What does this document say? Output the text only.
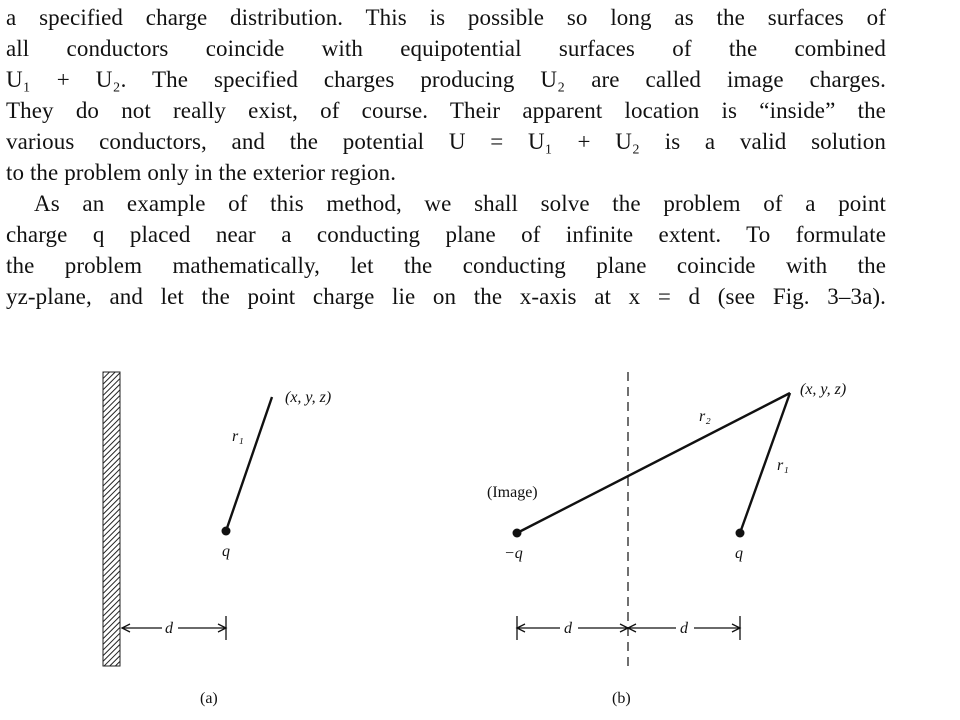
a specified charge distribution. This is possible so long as the surfaces of
all conductors coincide with equipotential surfaces of the combined
U₁ + U₂. The specified charges producing U₂ are called image charges.
They do not really exist, of course. Their apparent location is “inside” the
various conductors, and the potential U = U₁ + U₂ is a valid solution
to the problem only in the exterior region.
As an example of this method, we shall solve the problem of a point
charge q placed near a conducting plane of infinite extent. To formulate
the problem mathematically, let the conducting plane coincide with the
yz-plane, and let the point charge lie on the x-axis at x = d (see Fig. 3–3a).
(x, y, z)
r₁
q
d
(a)
(x, y, z)
r₂
r₁
(Image)
−q	q
d	d
(b)
